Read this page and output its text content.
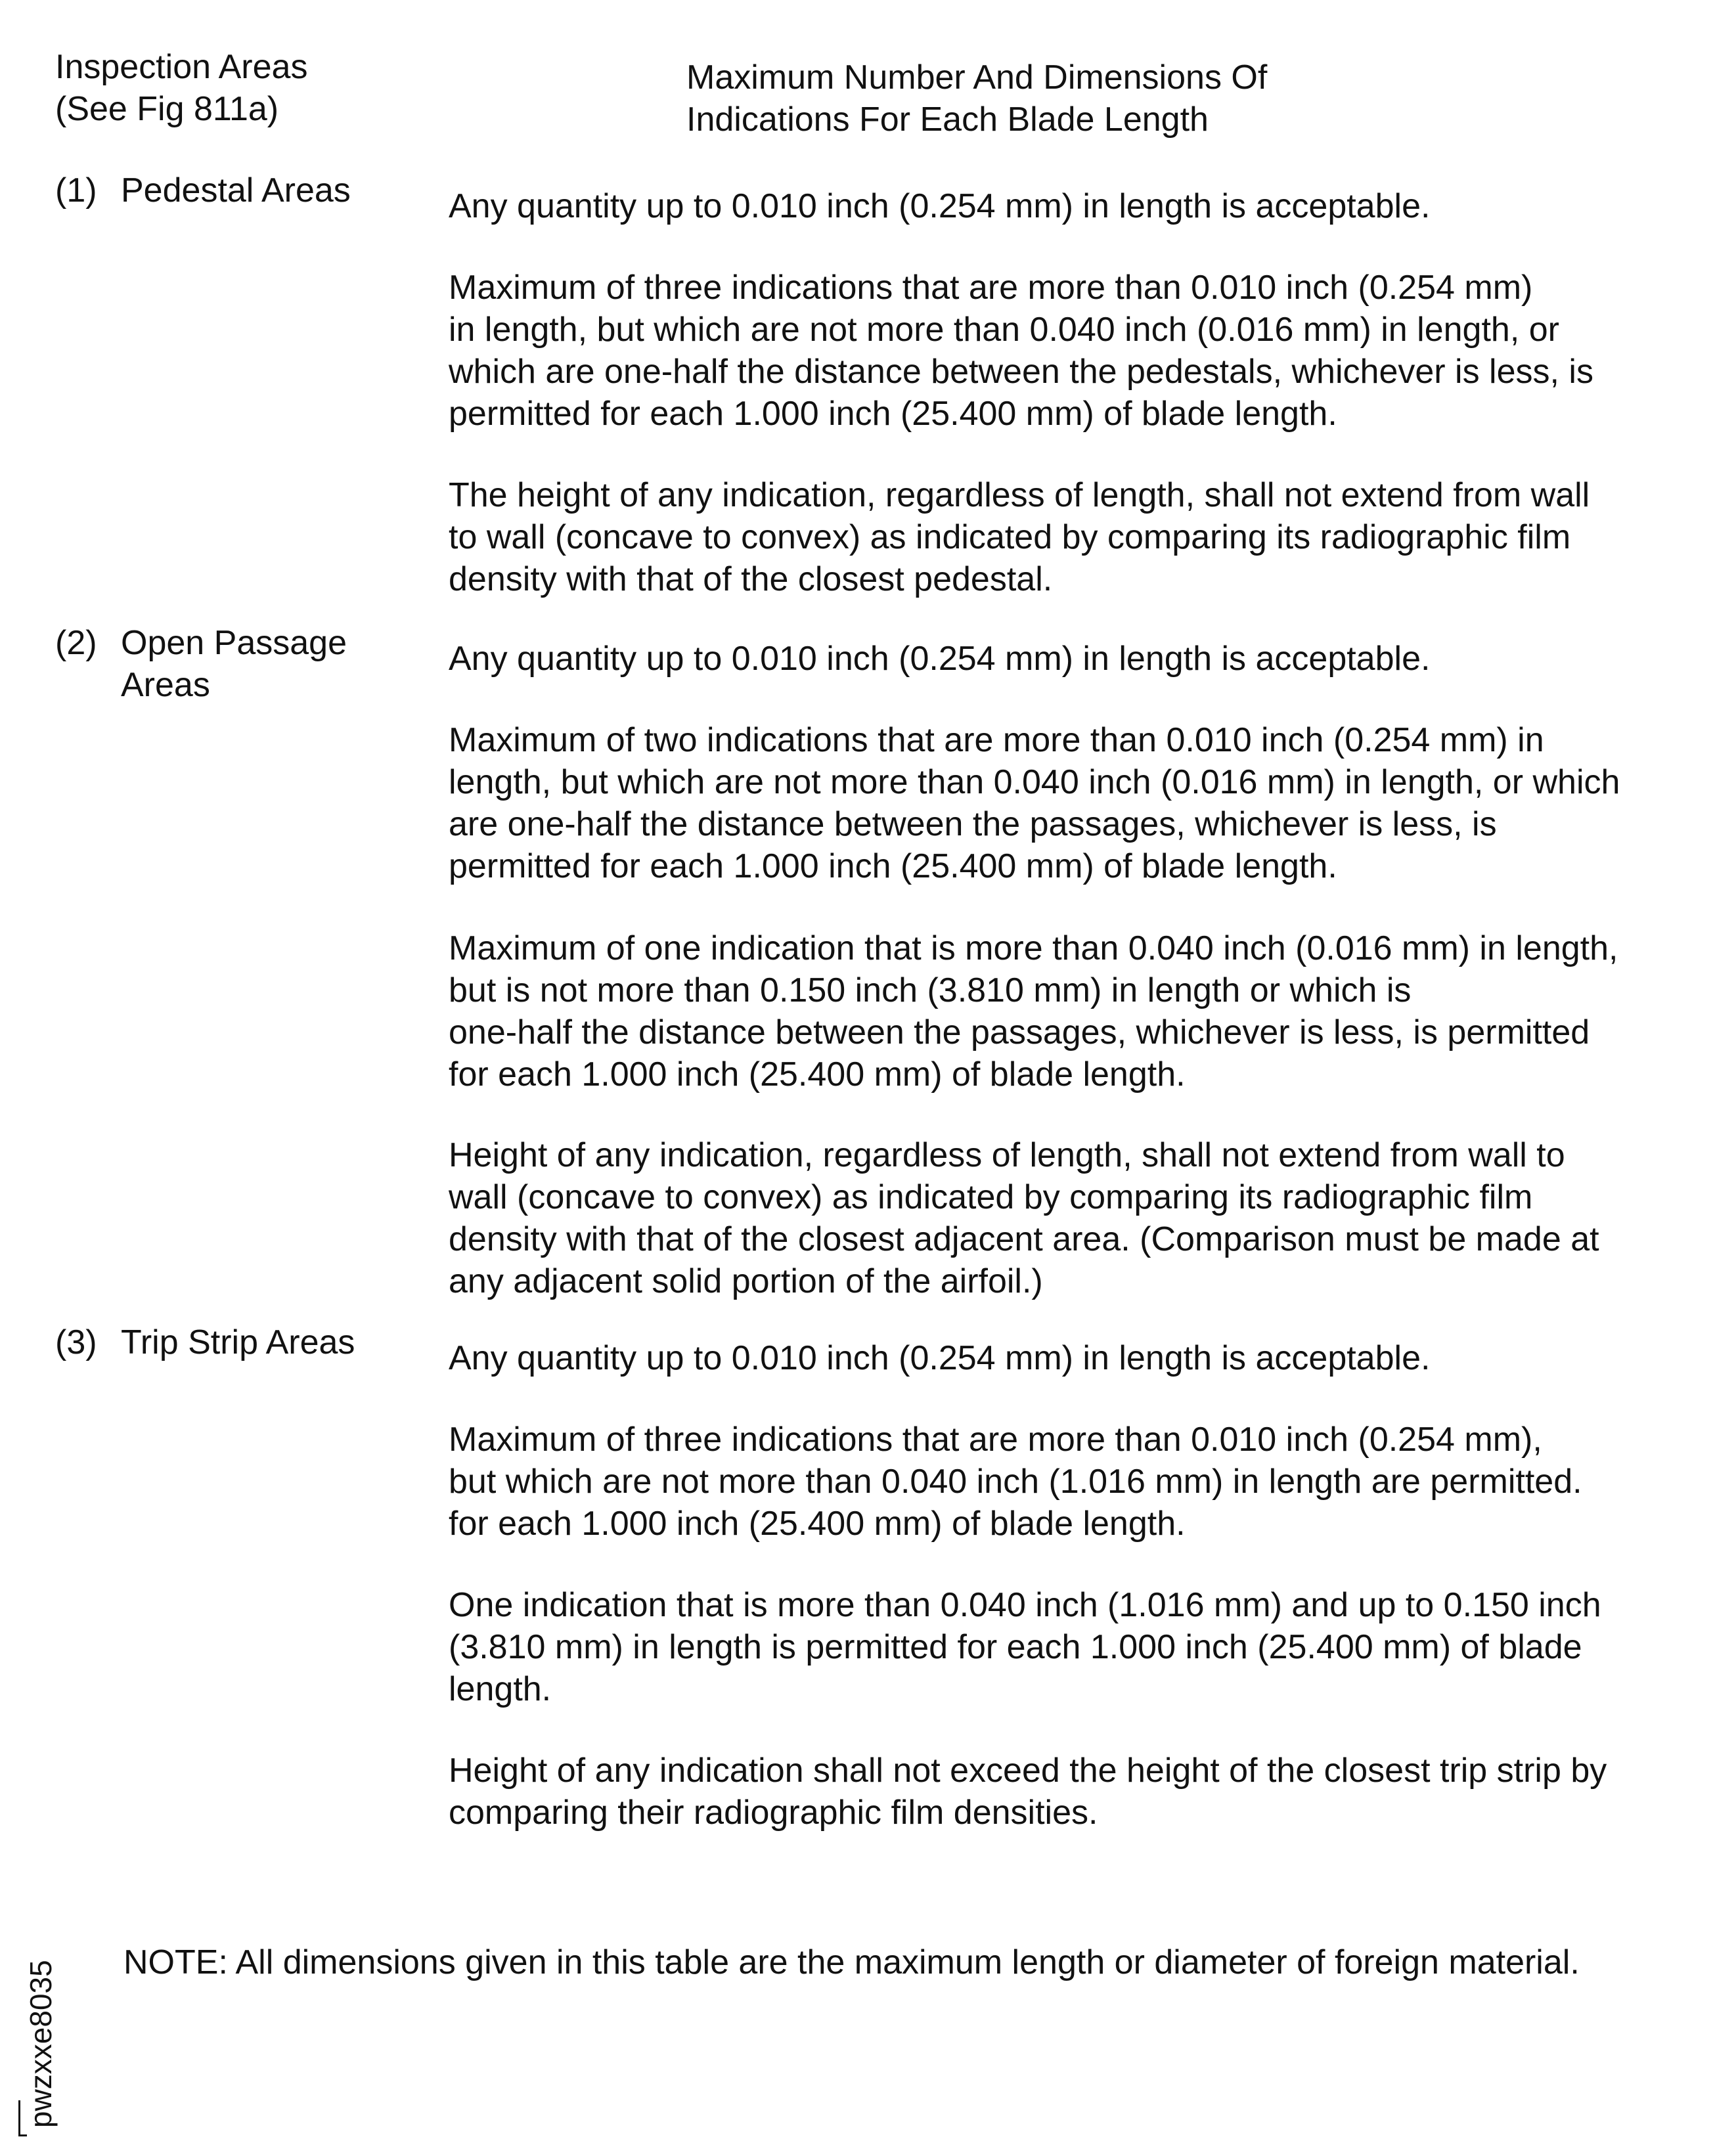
Inspection Areas
(See Fig 811a)
Maximum Number And Dimensions Of
Indications For Each Blade Length
(1) Pedestal Areas	Any quantity up to 0.010 inch (0.254 mm) in length is acceptable.

Maximum of three indications that are more than 0.010 inch (0.254 mm)
in length, but which are not more than 0.040 inch (0.016 mm) in length, or
which are one-half the distance between the pedestals, whichever is less, is
permitted for each 1.000 inch (25.400 mm) of blade length.

The height of any indication, regardless of length, shall not extend from wall
to wall (concave to convex) as indicated by comparing its radiographic film
density with that of the closest pedestal.

(2) Open Passage
Areas

Any quantity up to 0.010 inch (0.254 mm) in length is acceptable.

Maximum of two indications that are more than 0.010 inch (0.254 mm) in
length, but which are not more than 0.040 inch (0.016 mm) in length, or which
are one-half the distance between the passages, whichever is less, is
permitted for each 1.000 inch (25.400 mm) of blade length.

Maximum of one indication that is more than 0.040 inch (0.016 mm) in length,
but is not more than 0.150 inch (3.810 mm) in length or which is
one-half the distance between the passages, whichever is less, is permitted
for each 1.000 inch (25.400 mm) of blade length.

Height of any indication, regardless of length, shall not extend from wall to
wall (concave to convex) as indicated by comparing its radiographic film
density with that of the closest adjacent area. (Comparison must be made at
any adjacent solid portion of the airfoil.)

(3) Trip Strip Areas	Any quantity up to 0.010 inch (0.254 mm) in length is acceptable.

Maximum of three indications that are more than 0.010 inch (0.254 mm),
but which are not more than 0.040 inch (1.016 mm) in length are permitted.
for each 1.000 inch (25.400 mm) of blade length.

One indication that is more than 0.040 inch (1.016 mm) and up to 0.150 inch
(3.810 mm) in length is permitted for each 1.000 inch (25.400 mm) of blade
length.

Height of any indication shall not exceed the height of the closest trip strip by
comparing their radiographic film densities.

NOTE: All dimensions given in this table are the maximum length or diameter of foreign material.
pwzxxe8035
